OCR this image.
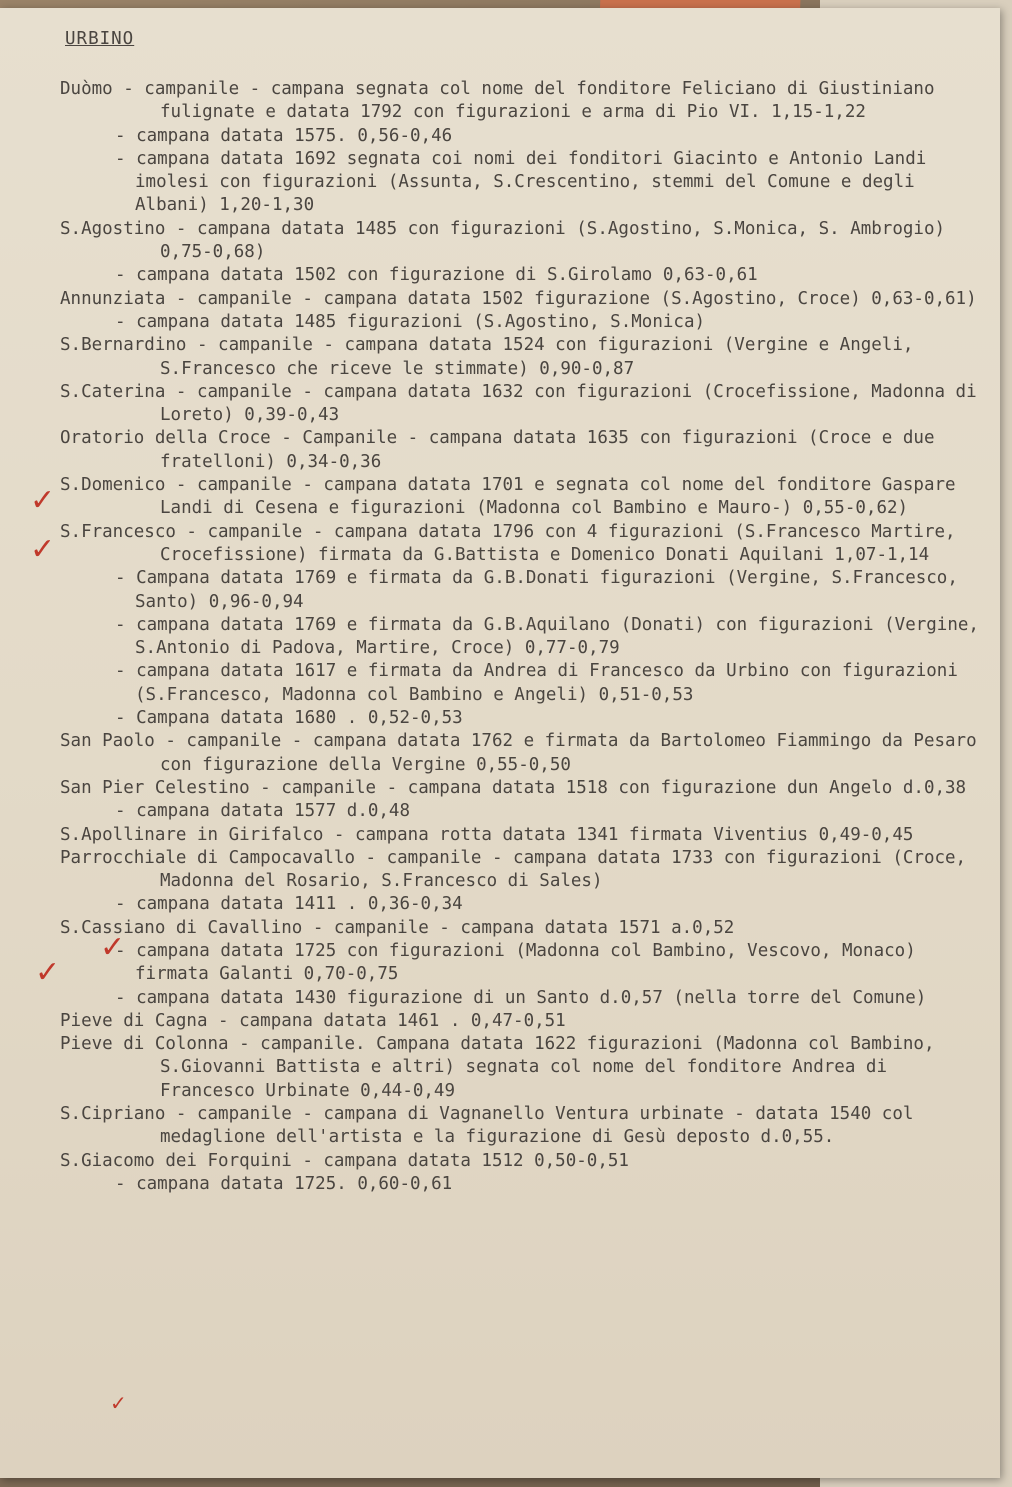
URBINO

Duòmo - campanile - campana segnata col nome del fonditore Feliciano di Giustiniano fulignate e datata 1792 con figurazioni e arma di Pio VI. 1,15-1,22

- campana datata 1575. 0,56-0,46

- campana datata 1692 segnata coi nomi dei fonditori Giacinto e Antonio Landi imolesi con figurazioni (Assunta, S.Crescentino, stemmi del Comune e degli Albani) 1,20-1,30

S.Agostino - campana datata 1485 con figurazioni (S.Agostino, S.Monica, S. Ambrogio) 0,75-0,68)

- campana datata 1502 con figurazione di S.Girolamo 0,63-0,61

Annunziata - campanile - campana datata 1502 figurazione (S.Agostino, Croce) 0,63-0,61)

- campana datata 1485 figurazioni (S.Agostino, S.Monica)

S.Bernardino - campanile - campana datata 1524 con figurazioni (Vergine e Angeli, S.Francesco che riceve le stimmate) 0,90-0,87

S.Caterina - campanile - campana datata 1632 con figurazioni (Crocefissione, Madonna di Loreto) 0,39-0,43

Oratorio della Croce - Campanile - campana datata 1635 con figurazioni (Croce e due fratelloni) 0,34-0,36

S.Domenico - campanile - campana datata 1701 e segnata col nome del fonditore Gaspare Landi di Cesena e figurazioni (Madonna col Bambino e Mauro-) 0,55-0,62)

S.Francesco - campanile - campana datata 1796 con 4 figurazioni (S.Francesco Martire, Crocefissione) firmata da G.Battista e Domenico Donati Aquilani 1,07-1,14

- Campana datata 1769 e firmata da G.B.Donati figurazioni (Vergine, S.Francesco, Santo) 0,96-0,94

- campana datata 1769 e firmata da G.B.Aquilano (Donati) con figurazioni (Vergine, S.Antonio di Padova, Martire, Croce) 0,77-0,79

- campana datata 1617 e firmata da Andrea di Francesco da Urbino con figurazioni (S.Francesco, Madonna col Bambino e Angeli) 0,51-0,53

- Campana datata 1680 . 0,52-0,53

San Paolo - campanile - campana datata 1762 e firmata da Bartolomeo Fiammingo da Pesaro con figurazione della Vergine 0,55-0,50

San Pier Celestino - campanile - campana datata 1518 con figurazione dun Angelo d.0,38

- campana datata 1577 d.0,48

S.Apollinare in Girifalco - campana rotta datata 1341 firmata Viventius 0,49-0,45

Parrocchiale di Campocavallo - campanile - campana datata 1733 con figurazioni (Croce, Madonna del Rosario, S.Francesco di Sales)

- campana datata 1411 . 0,36-0,34

S.Cassiano di Cavallino - campanile - campana datata 1571 a.0,52

- campana datata 1725 con figurazioni (Madonna col Bambino, Vescovo, Monaco) firmata Galanti 0,70-0,75

- campana datata 1430 figurazione di un Santo d.0,57 (nella torre del Comune)

Pieve di Cagna - campana datata 1461 . 0,47-0,51

Pieve di Colonna - campanile. Campana datata 1622 figurazioni (Madonna col Bambino, S.Giovanni Battista e altri) segnata col nome del fonditore Andrea di Francesco Urbinate 0,44-0,49

S.Cipriano - campanile - campana di Vagnanello Ventura urbinate - datata 1540 col medaglione dell'artista e la figurazione di Gesù deposto d.0,55.

S.Giacomo dei Forquini - campana datata 1512 0,50-0,51

- campana datata 1725. 0,60-0,61

✓
✓
✓
✓
✓
